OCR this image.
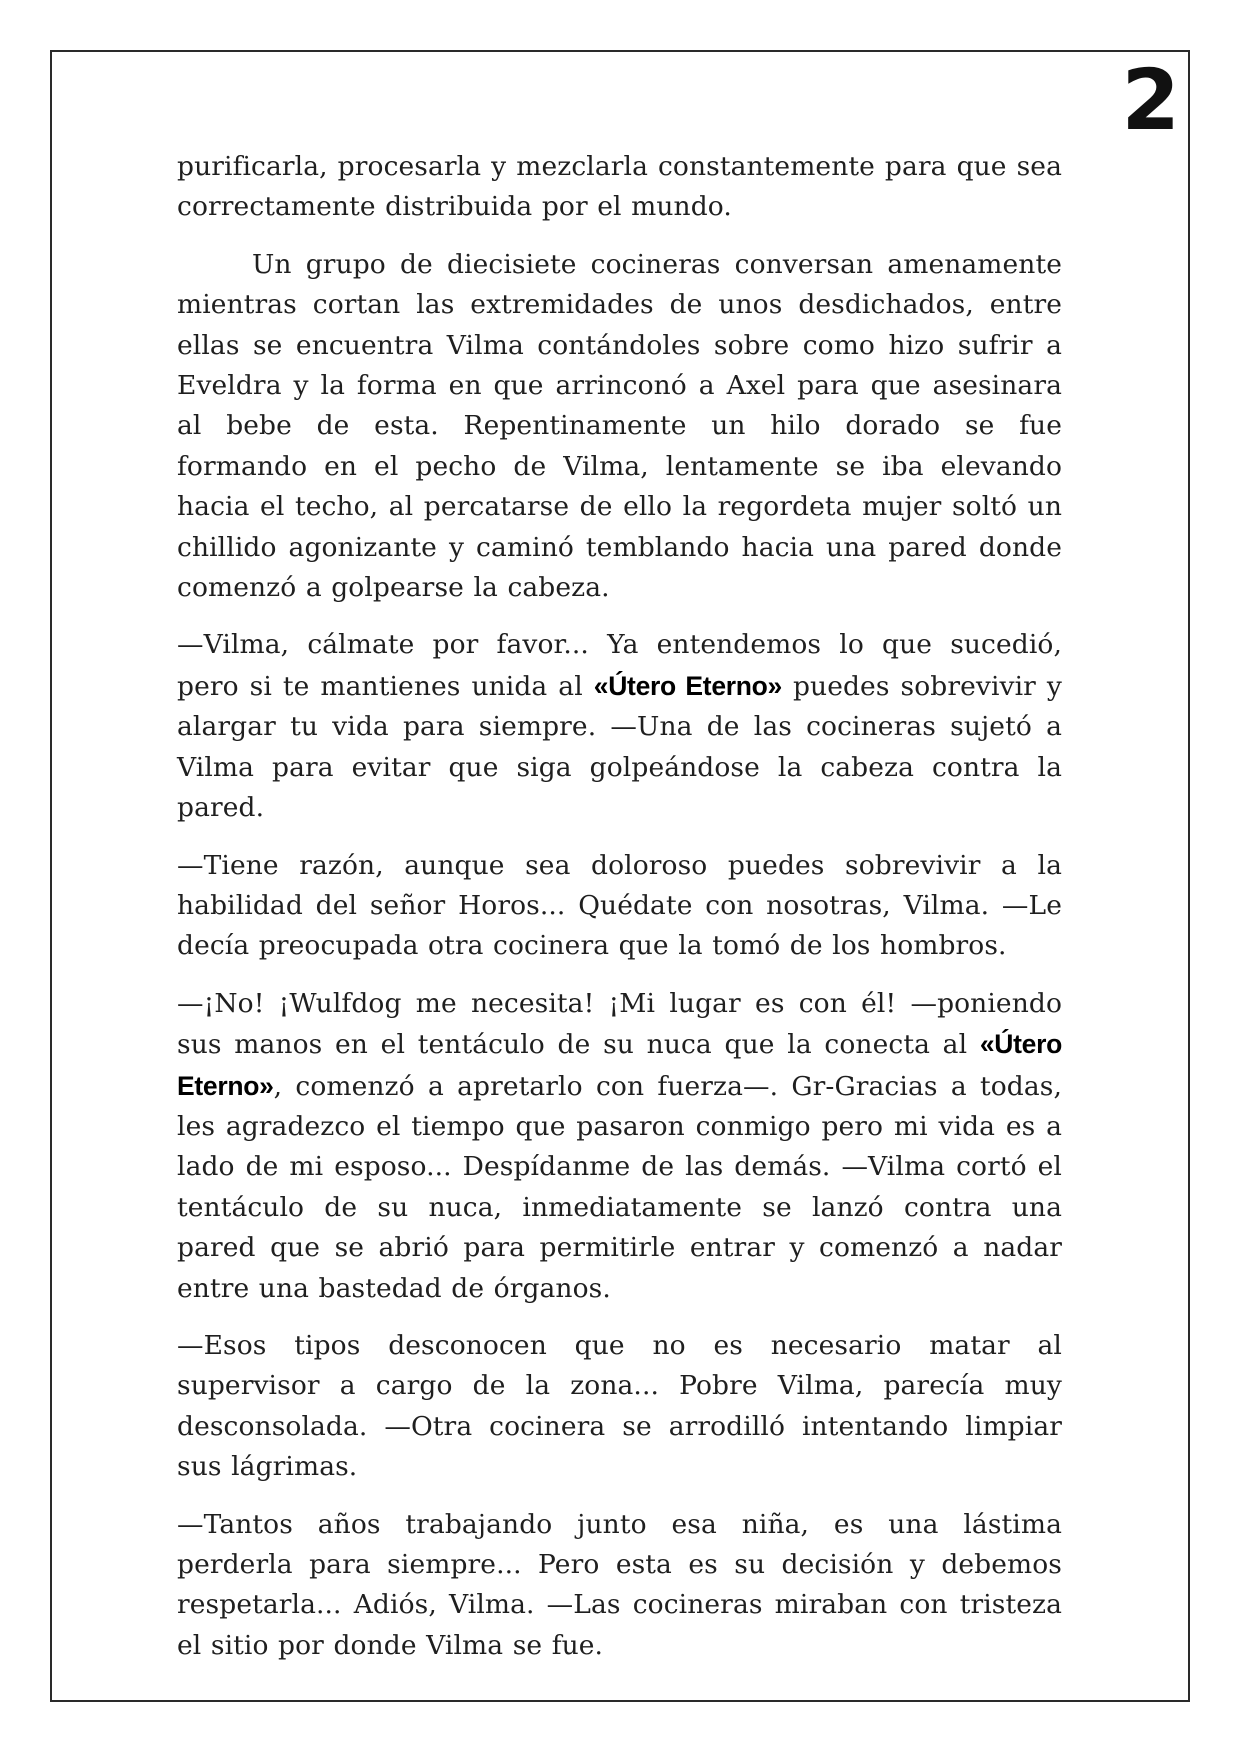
2

purificarla, procesarla y mezclarla constantemente para que sea correctamente distribuida por el mundo.

Un grupo de diecisiete cocineras conversan amenamente mientras cortan las extremidades de unos desdichados, entre ellas se encuentra Vilma contándoles sobre como hizo sufrir a Eveldra y la forma en que arrinconó a Axel para que asesinara al bebe de esta. Repentinamente un hilo dorado se fue formando en el pecho de Vilma, lentamente se iba elevando hacia el techo, al percatarse de ello la regordeta mujer soltó un chillido agonizante y caminó temblando hacia una pared donde comenzó a golpearse la cabeza.

—Vilma, cálmate por favor... Ya entendemos lo que sucedió, pero si te mantienes unida al «Útero Eterno» puedes sobrevivir y alargar tu vida para siempre. —Una de las cocineras sujetó a Vilma para evitar que siga golpeándose la cabeza contra la pared.

—Tiene razón, aunque sea doloroso puedes sobrevivir a la habilidad del señor Horos... Quédate con nosotras, Vilma. —Le decía preocupada otra cocinera que la tomó de los hombros.

—¡No! ¡Wulfdog me necesita! ¡Mi lugar es con él! —poniendo sus manos en el tentáculo de su nuca que la conecta al «Útero Eterno», comenzó a apretarlo con fuerza—. Gr-Gracias a todas, les agradezco el tiempo que pasaron conmigo pero mi vida es a lado de mi esposo... Despídanme de las demás. —Vilma cortó el tentáculo de su nuca, inmediatamente se lanzó contra una pared que se abrió para permitirle entrar y comenzó a nadar entre una bastedad de órganos.

—Esos tipos desconocen que no es necesario matar al supervisor a cargo de la zona... Pobre Vilma, parecía muy desconsolada. —Otra cocinera se arrodilló intentando limpiar sus lágrimas.

—Tantos años trabajando junto esa niña, es una lástima perderla para siempre... Pero esta es su decisión y debemos respetarla... Adiós, Vilma. —Las cocineras miraban con tristeza el sitio por donde Vilma se fue.
